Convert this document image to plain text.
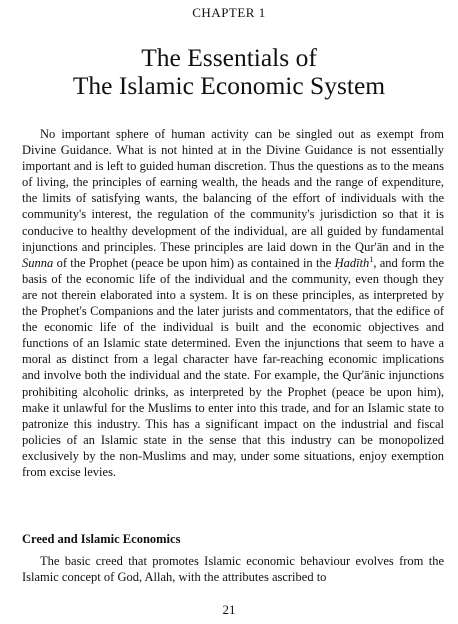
CHAPTER 1
The Essentials of
The Islamic Economic System

No important sphere of human activity can be singled out as exempt from Divine Guidance. What is not hinted at in the Divine Guidance is not essentially important and is left to guided human discretion. Thus the questions as to the means of living, the principles of earning wealth, the heads and the range of expenditure, the limits of satisfying wants, the balancing of the effort of individuals with the community's interest, the regulation of the community's jurisdiction so that it is conducive to healthy development of the individual, are all guided by fundamental injunctions and principles. These principles are laid down in the Qur'ān and in the Sunna of the Prophet (peace be upon him) as contained in the Ḥadīth$^1$, and form the basis of the economic life of the individual and the community, even though they are not therein elaborated into a system. It is on these principles, as interpreted by the Prophet's Companions and the later jurists and commentators, that the edifice of the economic life of the individual is built and the economic objectives and functions of an Islamic state determined. Even the injunctions that seem to have a moral as distinct from a legal character have far-reaching economic implications and involve both the individual and the state. For example, the Qur'ānic injunctions prohibiting alcoholic drinks, as interpreted by the Prophet (peace be upon him), make it unlawful for the Muslims to enter into this trade, and for an Islamic state to patronize this industry. This has a significant impact on the industrial and fiscal policies of an Islamic state in the sense that this industry can be monopolized exclusively by the non-Muslims and may, under some situations, enjoy exemption from excise levies.

Creed and Islamic Economics

The basic creed that promotes Islamic economic behaviour evolves from the Islamic concept of God, Allah, with the attributes ascribed to

21
